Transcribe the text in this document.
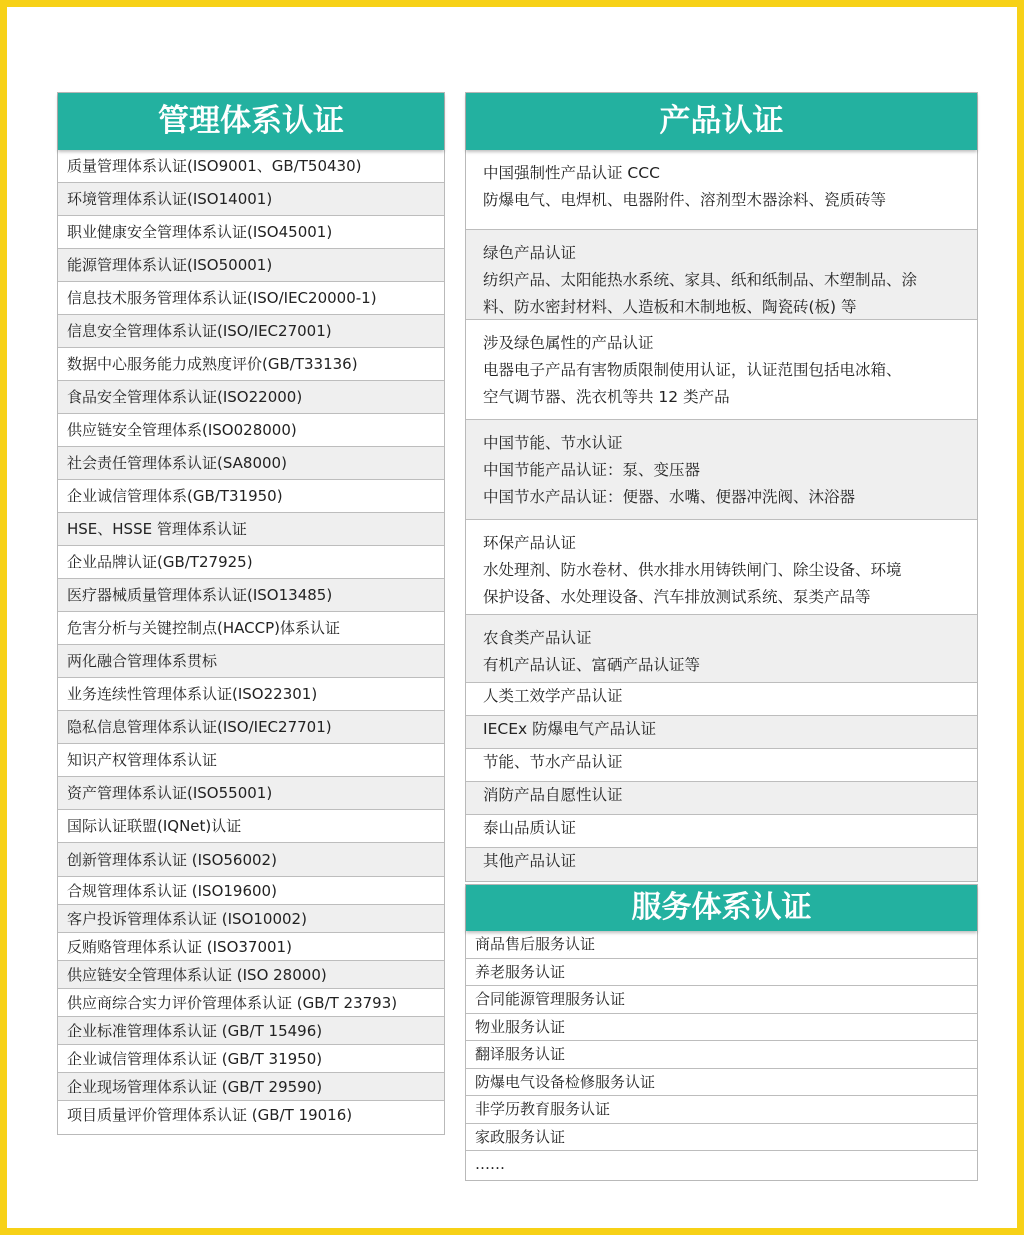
管理体系认证
质量管理体系认证(ISO9001、GB/T50430)
环境管理体系认证(ISO14001)
职业健康安全管理体系认证(ISO45001)
能源管理体系认证(ISO50001)
信息技术服务管理体系认证(ISO/IEC20000-1)
信息安全管理体系认证(ISO/IEC27001)
数据中心服务能力成熟度评价(GB/T33136)
食品安全管理体系认证(ISO22000)
供应链安全管理体系(ISO028000)
社会责任管理体系认证(SA8000)
企业诚信管理体系(GB/T31950)
HSE、HSSE 管理体系认证
企业品牌认证(GB/T27925)
医疗器械质量管理体系认证(ISO13485)
危害分析与关键控制点(HACCP)体系认证
两化融合管理体系贯标
业务连续性管理体系认证(ISO22301)
隐私信息管理体系认证(ISO/IEC27701)
知识产权管理体系认证
资产管理体系认证(ISO55001)
国际认证联盟(IQNet)认证
创新管理体系认证 (ISO56002)
合规管理体系认证 (ISO19600)
客户投诉管理体系认证 (ISO10002)
反贿赂管理体系认证 (ISO37001)
供应链安全管理体系认证 (ISO 28000)
供应商综合实力评价管理体系认证 (GB/T 23793)
企业标准管理体系认证 (GB/T 15496)
企业诚信管理体系认证 (GB/T 31950)
企业现场管理体系认证 (GB/T 29590)
项目质量评价管理体系认证 (GB/T 19016)
产品认证
中国强制性产品认证 CCC
防爆电气、电焊机、电器附件、溶剂型木器涂料、瓷质砖等
绿色产品认证
纺织产品、太阳能热水系统、家具、纸和纸制品、木塑制品、涂
料、防水密封材料、人造板和木制地板、陶瓷砖(板) 等
涉及绿色属性的产品认证
电器电子产品有害物质限制使用认证，认证范围包括电冰箱、
空气调节器、洗衣机等共 12 类产品
中国节能、节水认证
中国节能产品认证：泵、变压器
中国节水产品认证：便器、水嘴、便器冲洗阀、沐浴器
环保产品认证
水处理剂、防水卷材、供水排水用铸铁闸门、除尘设备、环境
保护设备、水处理设备、汽车排放测试系统、泵类产品等
农食类产品认证
有机产品认证、富硒产品认证等
人类工效学产品认证
IECEx 防爆电气产品认证
节能、节水产品认证
消防产品自愿性认证
泰山品质认证
其他产品认证
服务体系认证
商品售后服务认证
养老服务认证
合同能源管理服务认证
物业服务认证
翻译服务认证
防爆电气设备检修服务认证
非学历教育服务认证
家政服务认证
……
